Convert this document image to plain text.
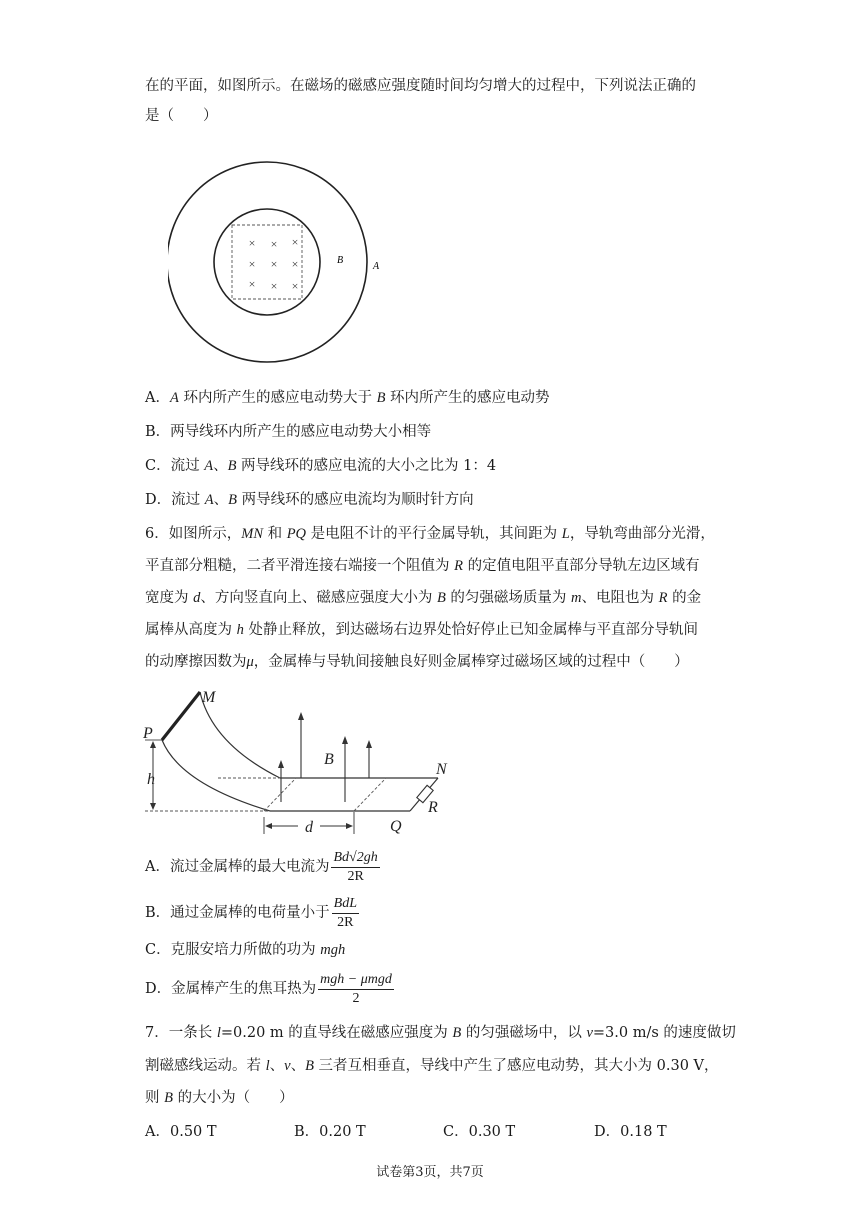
在的平面，如图所示。在磁场的磁感应强度随时间均匀增大的过程中，下列说法正确的
是（　　）
× × ×
× × ×
× × ×
B
A
A．A 环内所产生的感应电动势大于 B 环内所产生的感应电动势
B．两导线环内所产生的感应电动势大小相等
C．流过 A、B 两导线环的感应电流的大小之比为 1：4
D．流过 A、B 两导线环的感应电流均为顺时针方向
6．如图所示，MN 和 PQ 是电阻不计的平行金属导轨，其间距为 L，导轨弯曲部分光滑，
平直部分粗糙，二者平滑连接右端接一个阻值为 R 的定值电阻平直部分导轨左边区域有
宽度为 d、方向竖直向上、磁感应强度大小为 B 的匀强磁场质量为 m、电阻也为 R 的金
属棒从高度为 h 处静止释放，到达磁场右边界处恰好停止已知金属棒与平直部分导轨间
的动摩擦因数为μ，金属棒与导轨间接触良好则金属棒穿过磁场区域的过程中（　　）
M
P
h
B
N
R
Q
d
A．流过金属棒的最大电流为 $\frac{Bd√2gh}{2R}$
B．通过金属棒的电荷量小于 $\frac{\text{BdL}}{2R}$
C．克服安培力所做的功为 mgh
D．金属棒产生的焦耳热为 $\frac{\text{mgh − μmgd}}{2}$
7．一条长 l=0.20 m 的直导线在磁感应强度为 B 的匀强磁场中，以 v=3.0 m/s 的速度做切
割磁感线运动。若 l、v、B 三者互相垂直，导线中产生了感应电动势，其大小为 0.30 V，
则 B 的大小为（　　）
A．0.50 T	B．0.20 T	C．0.30 T	D．0.18 T
试卷第3页，共7页
